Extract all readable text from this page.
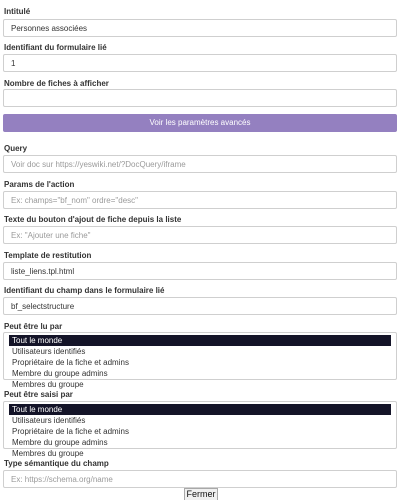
Intitulé
Personnes associées
Identifiant du formulaire lié
1
Nombre de fiches à afficher
Voir les paramètres avancés
Query
Voir doc sur https://yeswiki.net/?DocQuery/iframe
Params de l'action
Ex: champs="bf_nom" ordre="desc"
Texte du bouton d'ajout de fiche depuis la liste
Ex: "Ajouter une fiche"
Template de restitution
liste_liens.tpl.html
Identifiant du champ dans le formulaire lié
bf_selectstructure
Peut être lu par
Tout le monde
Utilisateurs identifiés
Propriétaire de la fiche et admins
Membre du groupe admins
Membres du groupe
Peut être saisi par
Tout le monde
Utilisateurs identifiés
Propriétaire de la fiche et admins
Membre du groupe admins
Membres du groupe
Type sémantique du champ
Ex: https://schema.org/name
Fermer
